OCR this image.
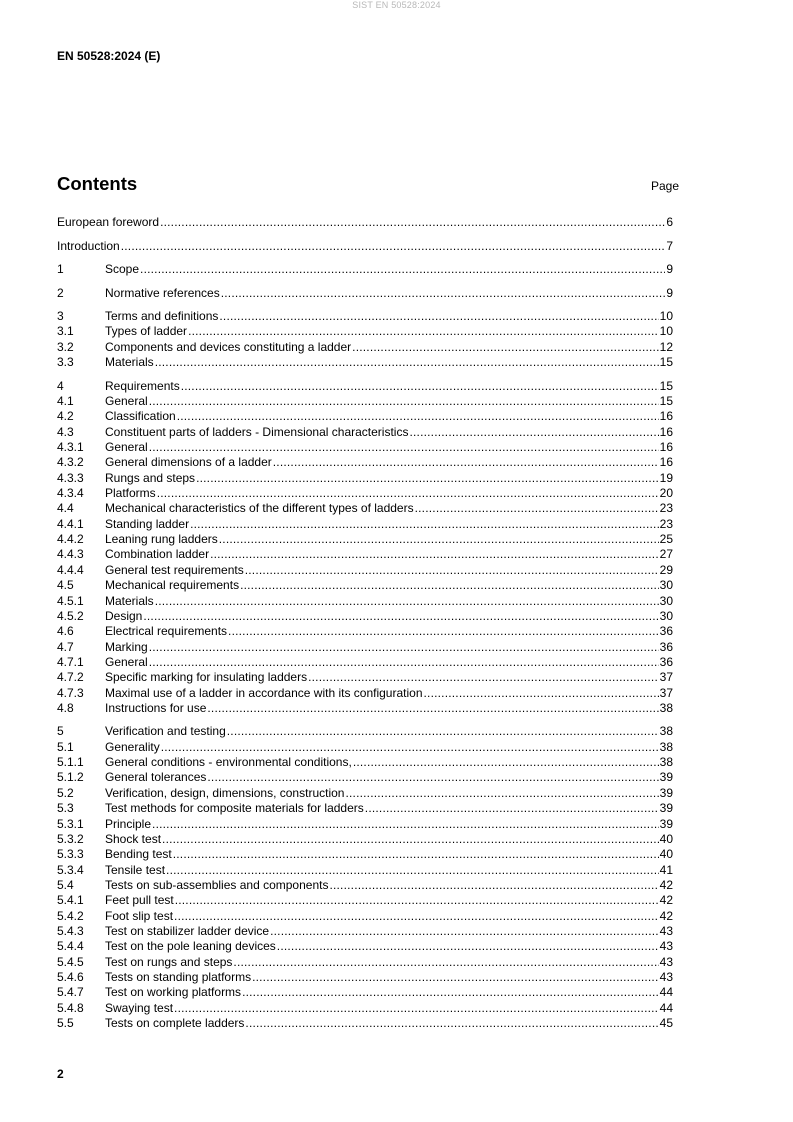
SIST EN 50528:2024
EN 50528:2024 (E)
Contents	Page
European foreword .....	6
Introduction .....	7
1	Scope .....	9
2	Normative references .....	9
3	Terms and definitions .....	10
3.1	Types of ladder .....	10
3.2	Components and devices constituting a ladder .....	12
3.3	Materials .....	15
4	Requirements .....	15
4.1	General .....	15
4.2	Classification .....	16
4.3	Constituent parts of ladders - Dimensional characteristics .....	16
4.3.1	General .....	16
4.3.2	General dimensions of a ladder .....	16
4.3.3	Rungs and steps .....	19
4.3.4	Platforms .....	20
4.4	Mechanical characteristics of the different types of ladders .....	23
4.4.1	Standing ladder .....	23
4.4.2	Leaning rung ladders .....	25
4.4.3	Combination ladder .....	27
4.4.4	General test requirements .....	29
4.5	Mechanical requirements .....	30
4.5.1	Materials .....	30
4.5.2	Design .....	30
4.6	Electrical requirements .....	36
4.7	Marking .....	36
4.7.1	General .....	36
4.7.2	Specific marking for insulating ladders .....	37
4.7.3	Maximal use of a ladder in accordance with its configuration .....	37
4.8	Instructions for use .....	38
5	Verification and testing .....	38
5.1	Generality .....	38
5.1.1	General conditions - environmental conditions, .....	38
5.1.2	General tolerances .....	39
5.2	Verification, design, dimensions, construction .....	39
5.3	Test methods for composite materials for ladders .....	39
5.3.1	Principle .....	39
5.3.2	Shock test .....	40
5.3.3	Bending test .....	40
5.3.4	Tensile test .....	41
5.4	Tests on sub-assemblies and components .....	42
5.4.1	Feet pull test .....	42
5.4.2	Foot slip test .....	42
5.4.3	Test on stabilizer ladder device .....	43
5.4.4	Test on the pole leaning devices .....	43
5.4.5	Test on rungs and steps .....	43
5.4.6	Tests on standing platforms .....	43
5.4.7	Test on working platforms .....	44
5.4.8	Swaying test .....	44
5.5	Tests on complete ladders .....	45
2
